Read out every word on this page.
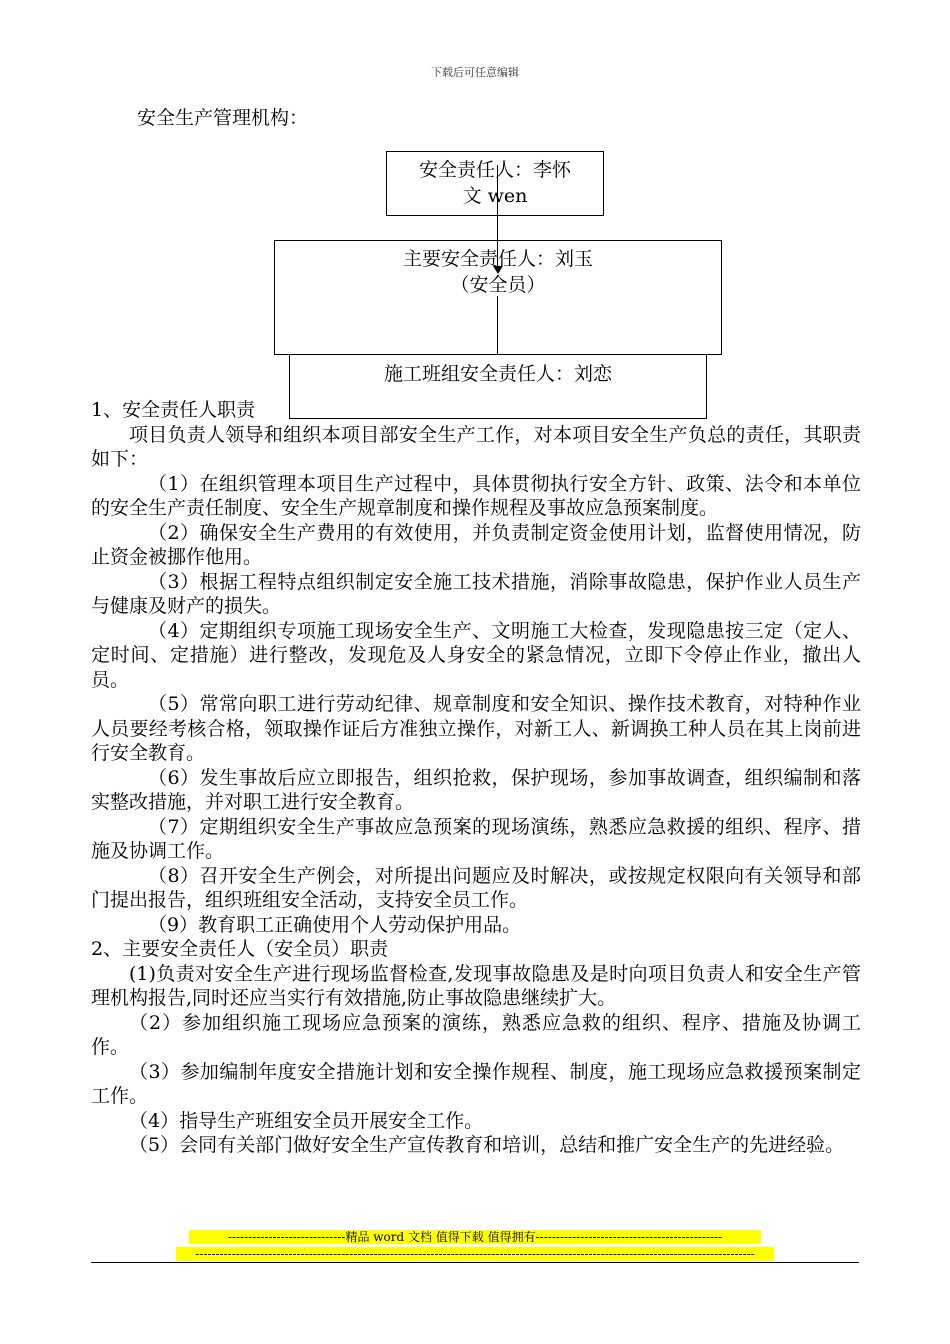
下载后可任意编辑
安全生产管理机构：
安全责任人：李怀
文 wen
主要安全责任人：刘玉
（安全员）
施工班组安全责任人：刘恋

1、安全责任人职责

项目负责人领导和组织本项目部安全生产工作，对本项目安全生产负总的责任，其职责如下：

（1）在组织管理本项目生产过程中，具体贯彻执行安全方针、政策、法令和本单位的安全生产责任制度、安全生产规章制度和操作规程及事故应急预案制度。

（2）确保安全生产费用的有效使用，并负责制定资金使用计划，监督使用情况，防止资金被挪作他用。

（3）根据工程特点组织制定安全施工技术措施，消除事故隐患，保护作业人员生产与健康及财产的损失。

（4）定期组织专项施工现场安全生产、文明施工大检查，发现隐患按三定（定人、定时间、定措施）进行整改，发现危及人身安全的紧急情况，立即下令停止作业，撤出人员。

（5）常常向职工进行劳动纪律、规章制度和安全知识、操作技术教育，对特种作业人员要经考核合格，领取操作证后方准独立操作，对新工人、新调换工种人员在其上岗前进行安全教育。

（6）发生事故后应立即报告，组织抢救，保护现场，参加事故调查，组织编制和落实整改措施，并对职工进行安全教育。

（7）定期组织安全生产事故应急预案的现场演练，熟悉应急救援的组织、程序、措施及协调工作。

（8）召开安全生产例会，对所提出问题应及时解决，或按规定权限向有关领导和部门提出报告，组织班组安全活动，支持安全员工作。

（9）教育职工正确使用个人劳动保护用品。

2、主要安全责任人（安全员）职责

(1)负责对安全生产进行现场监督检查,发现事故隐患及是时向项目负责人和安全生产管理机构报告,同时还应当实行有效措施,防止事故隐患继续扩大。

（2）参加组织施工现场应急预案的演练，熟悉应急救的组织、程序、措施及协调工作。

（3）参加编制年度安全措施计划和安全操作规程、制度，施工现场应急救援预案制定工作。

（4）指导生产班组安全员开展安全工作。

（5）会同有关部门做好安全生产宣传教育和培训，总结和推广安全生产的先进经验。

-----------------------------精品 word 文档 值得下载 值得拥有----------------------------------------------
------------------------------------------------------------------------------------------------------------------------------------------
